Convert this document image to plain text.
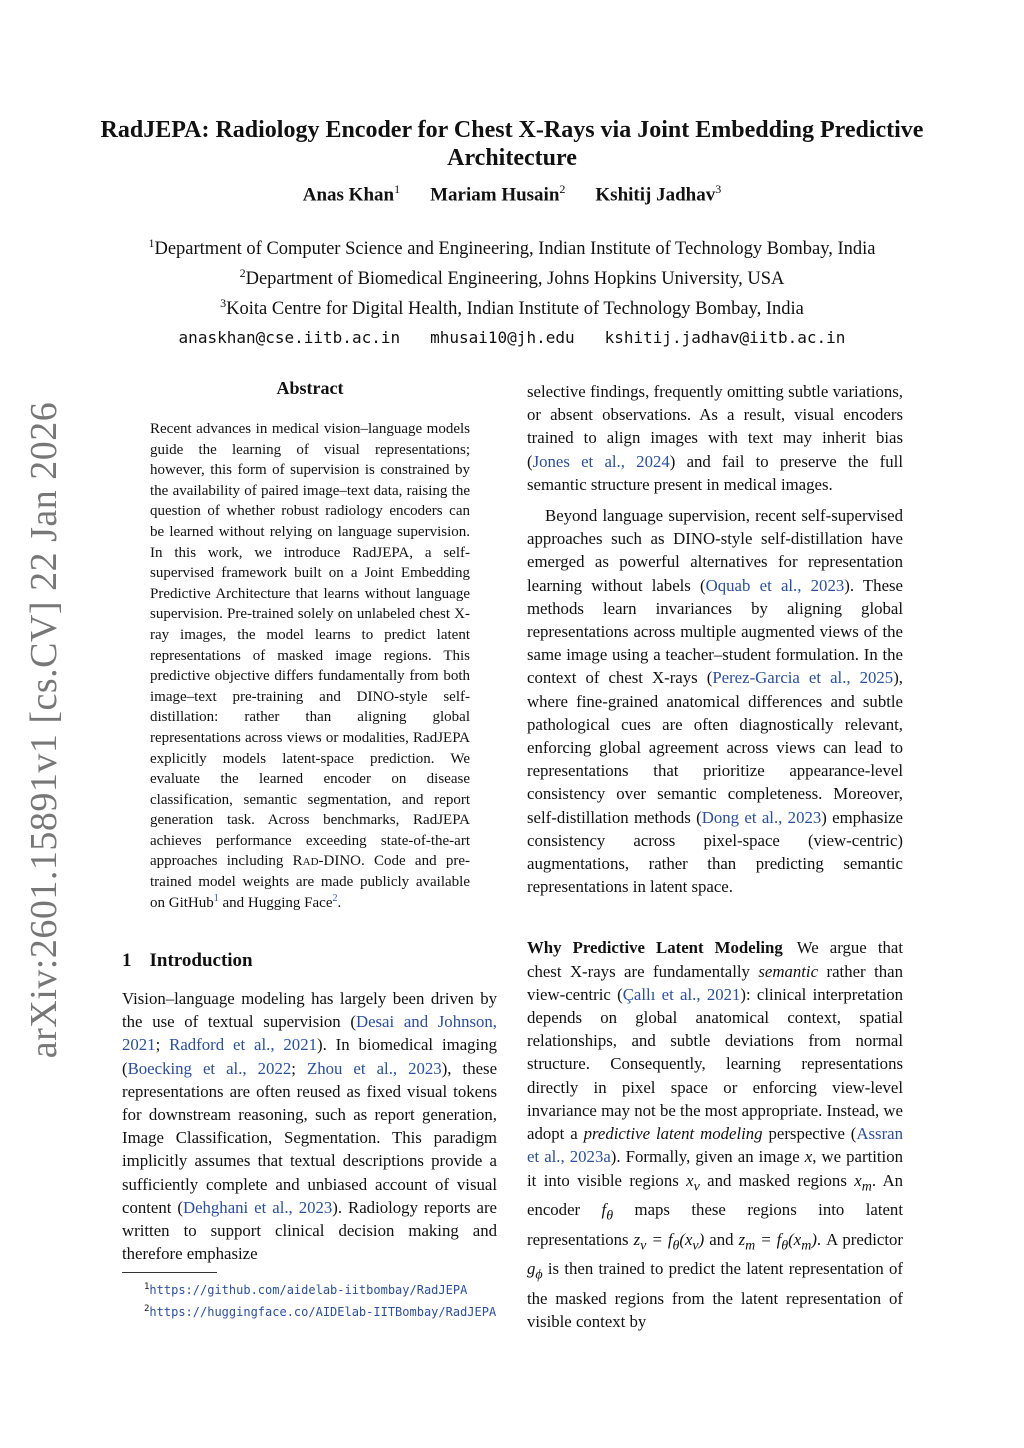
arXiv:2601.15891v1 [cs.CV] 22 Jan 2026
RadJEPA: Radiology Encoder for Chest X-Rays via Joint Embedding Predictive Architecture
Anas Khan$^1$ Mariam Husain$^2$ Kshitij Jadhav$^3$
$^1$Department of Computer Science and Engineering, Indian Institute of Technology Bombay, India
$^2$Department of Biomedical Engineering, Johns Hopkins University, USA
$^3$Koita Centre for Digital Health, Indian Institute of Technology Bombay, India
anaskhan@cse.iitb.ac.in mhusai10@jh.edu kshitij.jadhav@iitb.ac.in
Abstract
Recent advances in medical vision–language models guide the learning of visual representations; however, this form of supervision is constrained by the availability of paired image–text data, raising the question of whether robust radiology encoders can be learned without relying on language supervision. In this work, we introduce RadJEPA, a self-supervised framework built on a Joint Embedding Predictive Architecture that learns without language supervision. Pre-trained solely on unlabeled chest X-ray images, the model learns to predict latent representations of masked image regions. This predictive objective differs fundamentally from both image–text pre-training and DINO-style self-distillation: rather than aligning global representations across views or modalities, RadJEPA explicitly models latent-space prediction. We evaluate the learned encoder on disease classification, semantic segmentation, and report generation task. Across benchmarks, RadJEPA achieves performance exceeding state-of-the-art approaches including Rad-DINO. Code and pre-trained model weights are made publicly available on GitHub$^1$ and Hugging Face$^2$.
1 Introduction
Vision–language modeling has largely been driven by the use of textual supervision (Desai and Johnson, 2021; Radford et al., 2021). In biomedical imaging (Boecking et al., 2022; Zhou et al., 2023), these representations are often reused as fixed visual tokens for downstream reasoning, such as report generation, Image Classification, Segmentation. This paradigm implicitly assumes that textual descriptions provide a sufficiently complete and unbiased account of visual content (Dehghani et al., 2023). Radiology reports are written to support clinical decision making and therefore emphasize
$^1$https://github.com/aidelab-iitbombay/RadJEPA
$^2$https://huggingface.co/AIDElab-IITBombay/RadJEPA

selective findings, frequently omitting subtle variations, or absent observations. As a result, visual encoders trained to align images with text may inherit bias (Jones et al., 2024) and fail to preserve the full semantic structure present in medical images.

Beyond language supervision, recent self-supervised approaches such as DINO-style self-distillation have emerged as powerful alternatives for representation learning without labels (Oquab et al., 2023). These methods learn invariances by aligning global representations across multiple augmented views of the same image using a teacher–student formulation. In the context of chest X-rays (Perez-Garcia et al., 2025), where fine-grained anatomical differences and subtle pathological cues are often diagnostically relevant, enforcing global agreement across views can lead to representations that prioritize appearance-level consistency over semantic completeness. Moreover, self-distillation methods (Dong et al., 2023) emphasize consistency across pixel-space (view-centric) augmentations, rather than predicting semantic representations in latent space.

Why Predictive Latent Modeling We argue that chest X-rays are fundamentally semantic rather than view-centric (Çallı et al., 2021): clinical interpretation depends on global anatomical context, spatial relationships, and subtle deviations from normal structure. Consequently, learning representations directly in pixel space or enforcing view-level invariance may not be the most appropriate. Instead, we adopt a predictive latent modeling perspective (Assran et al., 2023a). Formally, given an image x, we partition it into visible regions $x_v$ and masked regions $x_m$. An encoder $f_\theta$ maps these regions into latent representations $z_v = f_\theta(x_v)$ and $z_m = f_\theta(x_m)$. A predictor $g_\phi$ is then trained to predict the latent representation of the masked regions from the latent representation of visible context by
